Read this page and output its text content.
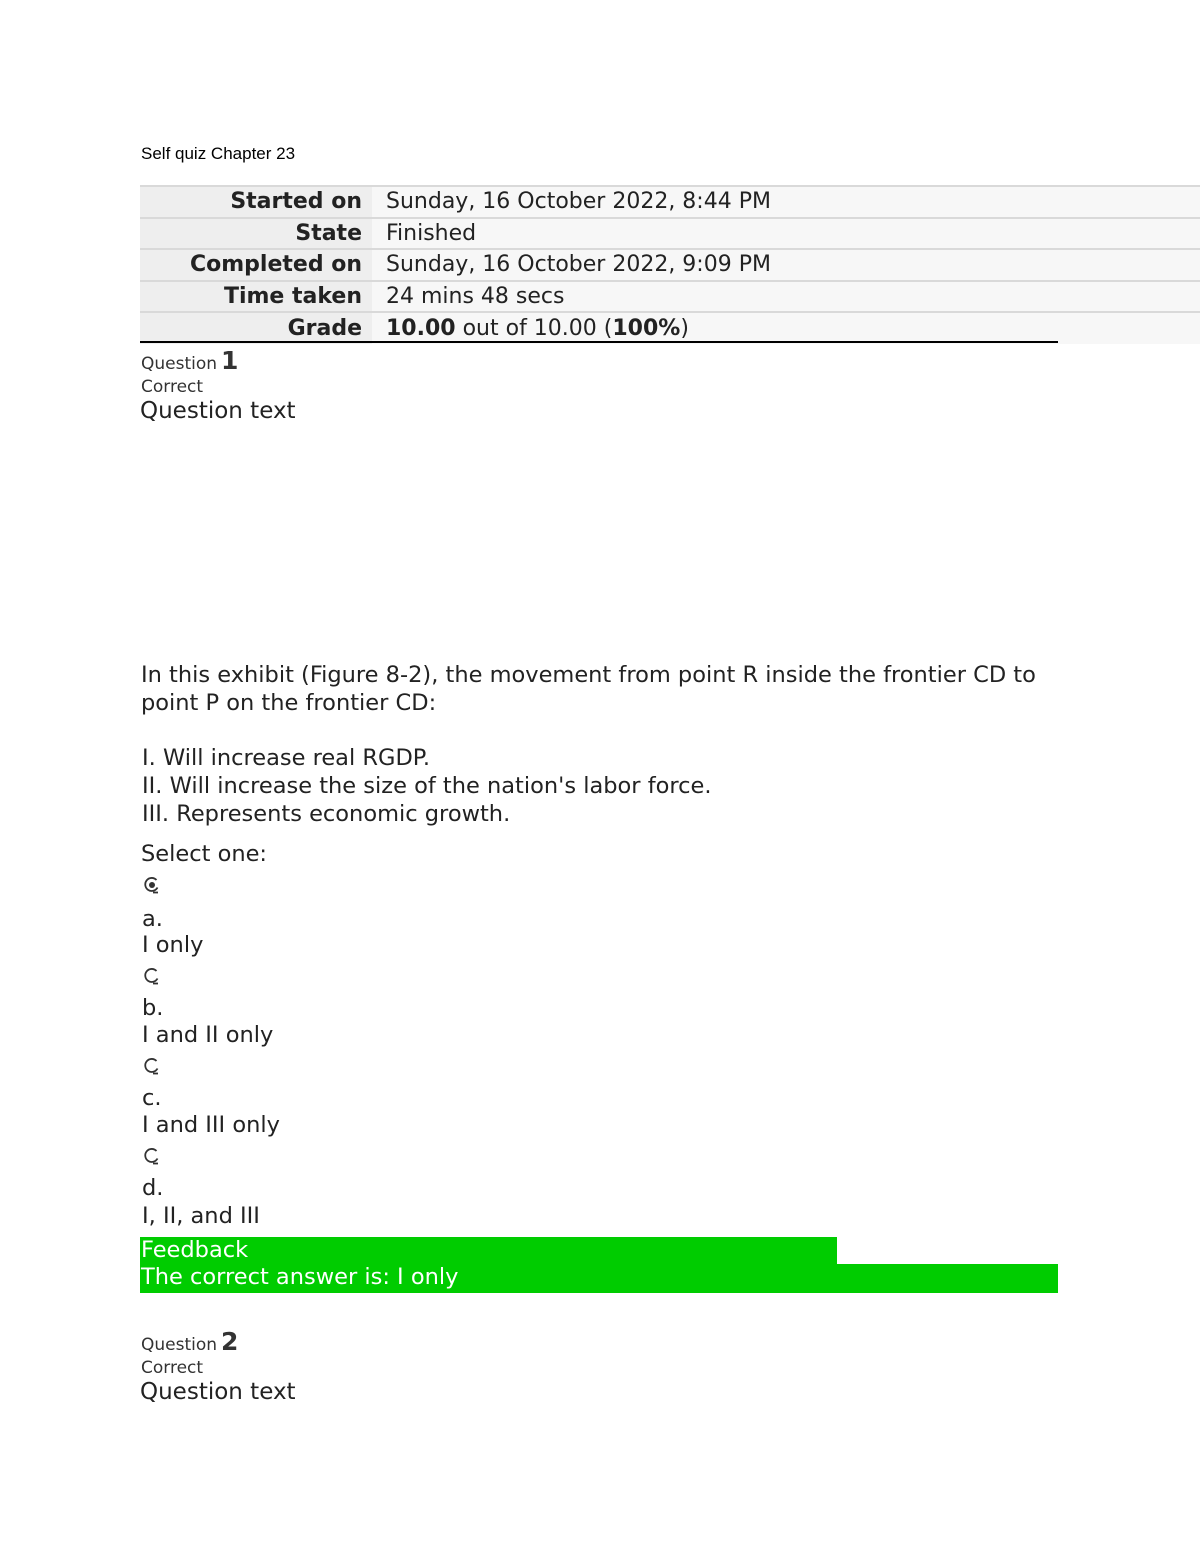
Self quiz Chapter 23
Started on	Sunday, 16 October 2022, 8:44 PM
State	Finished
Completed on	Sunday, 16 October 2022, 9:09 PM
Time taken	24 mins 48 secs
Grade	10.00 out of 10.00 (100%)
Question 1
Correct
Question text

In this exhibit (Figure 8-2), the movement from point R inside the frontier CD to point P on the frontier CD:

I. Will increase real RGDP.
II. Will increase the size of the nation's labor force.
III. Represents economic growth.
Select one:
a.
I only
b.
I and II only
c.
I and III only
d.
I, II, and III
Feedback
The correct answer is: I only
Question 2
Correct
Question text
